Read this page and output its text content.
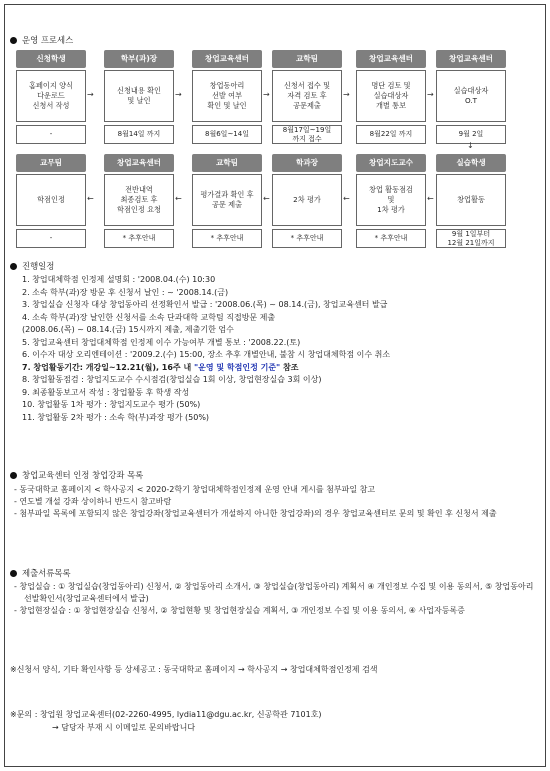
운영 프로세스
신청학생
홈페이지 양식
다운로드
신청서 작성
-
→
학부(과)장
신청내용 확인
및 날인
8월14일 까지
→
창업교육센터
창업동아리
선발 여부
확인 및 날인
8월6일~14일
→
교학팀
신청서 접수 및
자격 검토 후
공문제출
8월17일~19일
까지 접수
→
창업교육센터
명단 검토 및
실습대상자
개별 통보
8월22일 까지
→
창업교육센터
실습대상자
O.T
9월 2일
교무팀
학점인정
-
←
창업교육센터
전반내역
최종검토 후
학점인정 요청
* 추후안내
←
교학팀
평가결과 확인 후
공문 제출
* 추후안내
←
학과장
2차 평가
* 추후안내
←
창업지도교수
창업 활동점검
및
1차 평가
* 추후안내
←
실습학생
창업활동
9월 1일부터
12월 21일까지
진행일정
1. 창업대체학점 인정제 설명회 : '2008.04.(수) 10:30
2. 소속 학부(과)장 방문 후 신청서 날인 : ~ '2008.14.(금)
3. 창업실습 신청자 대상 창업동아리 선정확인서 발급 : '2008.06.(목) ~ 08.14.(금), 창업교육센터 발급
4. 소속 학부(과)장 날인한 신청서를 소속 단과대학 교학팀 직접방문 제출
(2008.06.(목) ~ 08.14.(금) 15시까지 제출, 제출기한 엄수
5. 창업교육센터 창업대체학점 인정제 이수 가능여부 개별 통보 : '2008.22.(토)
6. 이수자 대상 오리엔테이션 : '2009.2.(수) 15:00, 장소 추후 개별안내, 불참 시 창업대체학점 이수 취소
7. 창업활동기간: 개강일~12.21(월), 16주 내 "운영 및 학점인정 기준" 참조
8. 창업활동점검 : 창업지도교수 수시점검(창업실습 1회 이상, 창업현장실습 3회 이상)
9. 최종활동보고서 작성 : 창업활동 후 학생 작성
10. 창업활동 1차 평가 : 창업지도교수 평가 (50%)
11. 창업활동 2차 평가 : 소속 학(부)과장 평가 (50%)
창업교육센터 인정 창업강좌 목록
- 동국대학교 홈페이지 < 학사공지 < 2020-2학기 창업대체학점인정제 운영 안내 게시를 첨부파일 참고
- 연도별 개설 강좌 상이하니 반드시 참고바람
- 첨부파일 목록에 포함되지 않은 창업강좌(창업교육센터가 개설하지 아니한 창업강좌)의 경우 창업교육센터로 문의 및 확인 후 신청서 제출
제출서류목록
- 창업실습 : ① 창업실습(창업동아리) 신청서, ② 창업동아리 소개서, ③ 창업실습(창업동아리) 계획서 ④ 개인정보 수집 및 이용 동의서, ⑤ 창업동아리 선발확인서(창업교육센터에서 발급)
- 창업현장실습 : ① 창업현장실습 신청서, ② 창업현황 및 창업현장실습 계획서, ③ 개인정보 수집 및 이용 동의서, ④ 사업자등록증
※신청서 양식, 기타 확인사항 등 상세공고 : 동국대학교 홈페이지 → 학사공지 → 창업대체학점인정제 검색
※문의 : 창업원 창업교육센터(02-2260-4995, lydia11@dgu.ac.kr, 신공학관 7101호)
→ 담당자 부재 시 이메일로 문의바랍니다
↓
